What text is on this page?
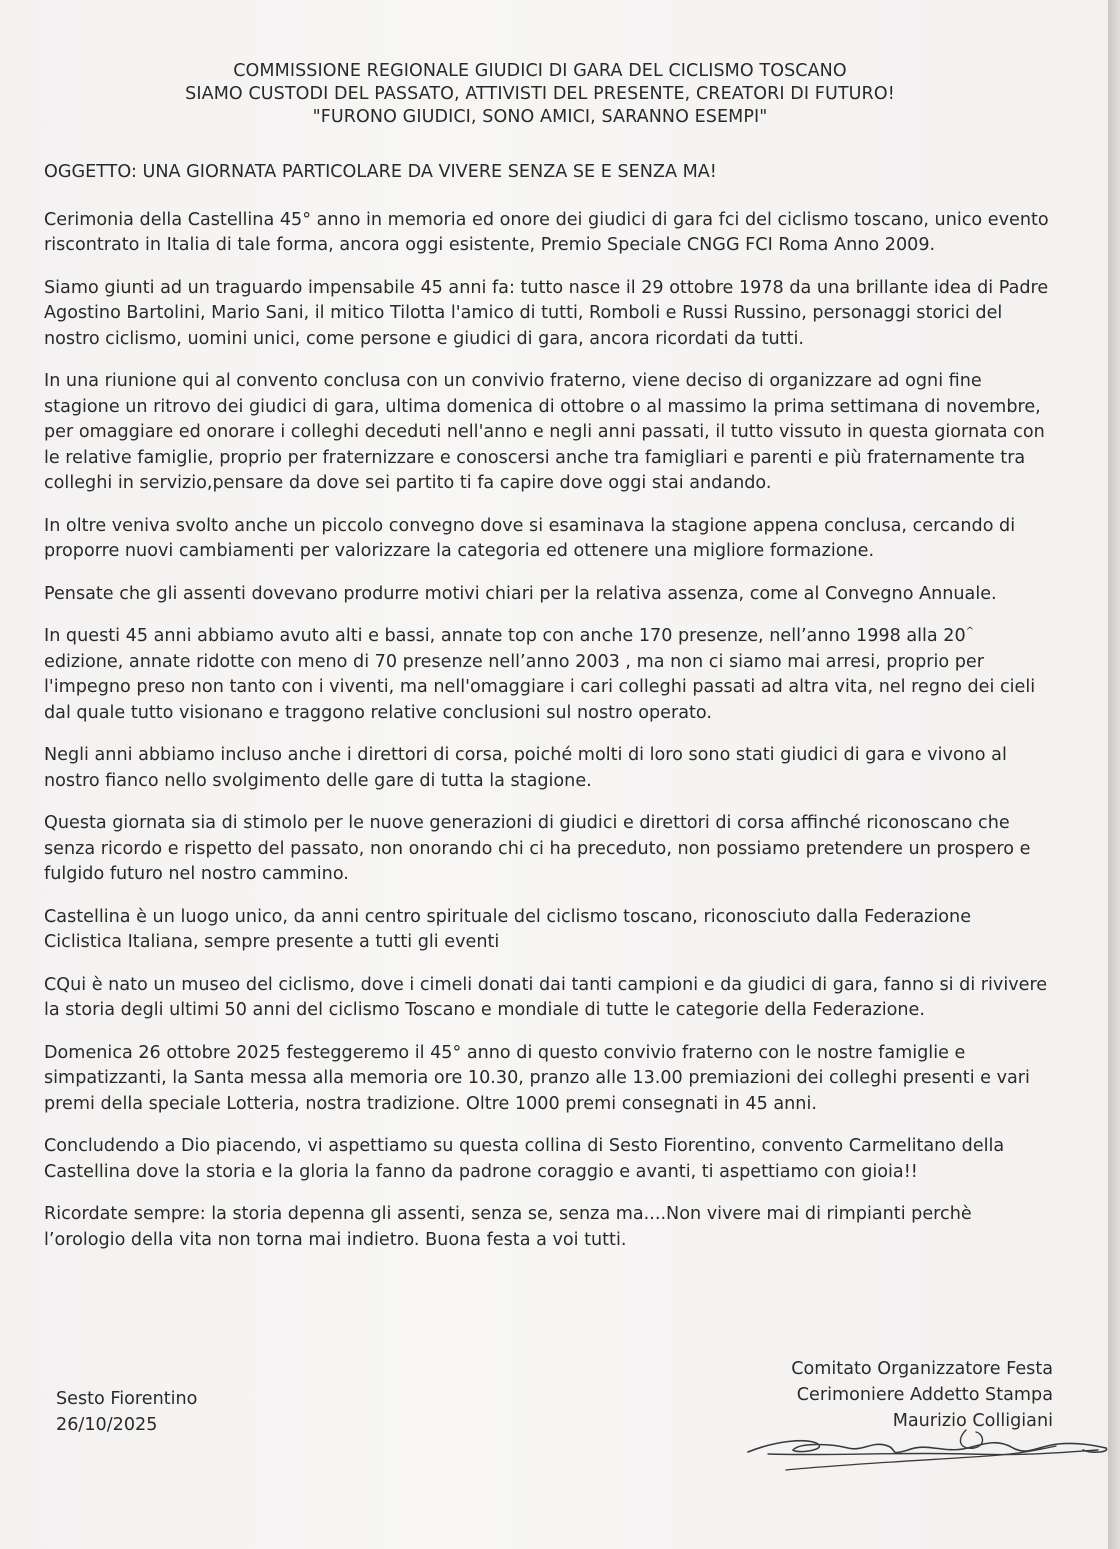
COMMISSIONE REGIONALE GIUDICI DI GARA DEL CICLISMO TOSCANO
SIAMO CUSTODI DEL PASSATO, ATTIVISTI DEL PRESENTE, CREATORI DI FUTURO!
"FURONO GIUDICI, SONO AMICI, SARANNO ESEMPI"

OGGETTO: UNA GIORNATA PARTICOLARE DA VIVERE SENZA SE E SENZA MA!

Cerimonia della Castellina 45° anno in memoria ed onore dei giudici di gara fci del ciclismo toscano, unico evento riscontrato in Italia di tale forma, ancora oggi esistente, Premio Speciale CNGG FCI Roma Anno 2009.

Siamo giunti ad un traguardo impensabile 45 anni fa: tutto nasce il 29 ottobre 1978 da una brillante idea di Padre Agostino Bartolini, Mario Sani, il mitico Tilotta l'amico di tutti, Romboli e Russi Russino, personaggi storici del nostro ciclismo, uomini unici, come persone e giudici di gara, ancora ricordati da tutti.

In una riunione qui al convento conclusa con un convivio fraterno, viene deciso di organizzare ad ogni fine stagione un ritrovo dei giudici di gara, ultima domenica di ottobre o al massimo la prima settimana di novembre, per omaggiare ed onorare i colleghi deceduti nell'anno e negli anni passati, il tutto vissuto in questa giornata con le relative famiglie, proprio per fraternizzare e conoscersi anche tra famigliari e parenti e più fraternamente tra colleghi in servizio,pensare da dove sei partito ti fa capire dove oggi stai andando.

In oltre veniva svolto anche un piccolo convegno dove si esaminava la stagione appena conclusa, cercando di proporre nuovi cambiamenti per valorizzare la categoria ed ottenere una migliore formazione.

Pensate che gli assenti dovevano produrre motivi chiari per la relativa assenza, come al Convegno Annuale.

In questi 45 anni abbiamo avuto alti e bassi, annate top con anche 170 presenze, nell’anno 1998 alla 20^ edizione, annate ridotte con meno di 70 presenze nell’anno 2003 , ma non ci siamo mai arresi, proprio per l'impegno preso non tanto con i viventi, ma nell'omaggiare i cari colleghi passati ad altra vita, nel regno dei cieli dal quale tutto visionano e traggono relative conclusioni sul nostro operato.

Negli anni abbiamo incluso anche i direttori di corsa, poiché molti di loro sono stati giudici di gara e vivono al nostro fianco nello svolgimento delle gare di tutta la stagione.

Questa giornata sia di stimolo per le nuove generazioni di giudici e direttori di corsa affinché riconoscano che senza ricordo e rispetto del passato, non onorando chi ci ha preceduto, non possiamo pretendere un prospero e fulgido futuro nel nostro cammino.

Castellina è un luogo unico, da anni centro spirituale del ciclismo toscano, riconosciuto dalla Federazione Ciclistica Italiana, sempre presente a tutti gli eventi

CQui è nato un museo del ciclismo, dove i cimeli donati dai tanti campioni e da giudici di gara, fanno si di rivivere la storia degli ultimi 50 anni del ciclismo Toscano e mondiale di tutte le categorie della Federazione.

Domenica 26 ottobre 2025 festeggeremo il 45° anno di questo convivio fraterno con le nostre famiglie e simpatizzanti, la Santa messa alla memoria ore 10.30, pranzo alle 13.00 premiazioni dei colleghi presenti e vari premi della speciale Lotteria, nostra tradizione. Oltre 1000 premi consegnati in 45 anni.

Concludendo a Dio piacendo, vi aspettiamo su questa collina di Sesto Fiorentino, convento Carmelitano della Castellina dove la storia e la gloria la fanno da padrone coraggio e avanti, ti aspettiamo con gioia!!

Ricordate sempre: la storia depenna gli assenti, senza se, senza ma....Non vivere mai di rimpianti perchè l’orologio della vita non torna mai indietro. Buona festa a voi tutti.

Sesto Fiorentino
26/10/2025
Comitato Organizzatore Festa
Cerimoniere Addetto Stampa
Maurizio Colligiani
